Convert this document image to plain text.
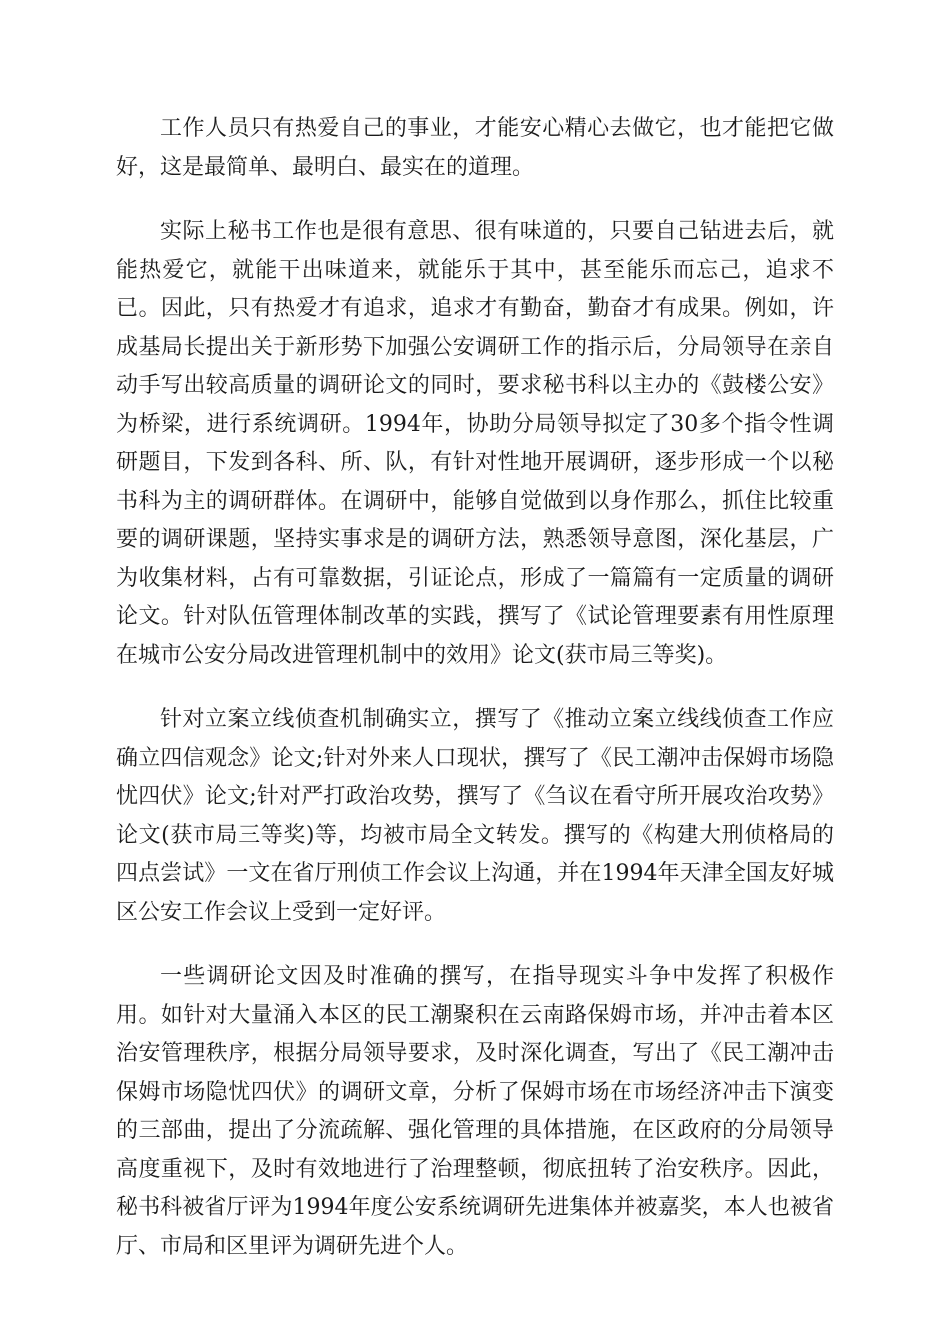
工作人员只有热爱自己的事业，才能安心精心去做它，也才能把它做好，这是最简单、最明白、最实在的道理。

实际上秘书工作也是很有意思、很有味道的，只要自己钻进去后，就能热爱它，就能干出味道来，就能乐于其中，甚至能乐而忘己，追求不已。因此，只有热爱才有追求，追求才有勤奋，勤奋才有成果。例如，许成基局长提出关于新形势下加强公安调研工作的指示后，分局领导在亲自动手写出较高质量的调研论文的同时，要求秘书科以主办的《鼓楼公安》为桥梁，进行系统调研。1994年，协助分局领导拟定了30多个指令性调研题目，下发到各科、所、队，有针对性地开展调研，逐步形成一个以秘书科为主的调研群体。在调研中，能够自觉做到以身作那么，抓住比较重要的调研课题，坚持实事求是的调研方法，熟悉领导意图，深化基层，广为收集材料，占有可靠数据，引证论点，形成了一篇篇有一定质量的调研论文。针对队伍管理体制改革的实践，撰写了《试论管理要素有用性原理在城市公安分局改进管理机制中的效用》论文(获市局三等奖)。

针对立案立线侦查机制确实立，撰写了《推动立案立线线侦查工作应确立四信观念》论文;针对外来人口现状，撰写了《民工潮冲击保姆市场隐忧四伏》论文;针对严打政治攻势，撰写了《刍议在看守所开展攻治攻势》论文(获市局三等奖)等，均被市局全文转发。撰写的《构建大刑侦格局的四点尝试》一文在省厅刑侦工作会议上沟通，并在1994年天津全国友好城区公安工作会议上受到一定好评。

一些调研论文因及时准确的撰写，在指导现实斗争中发挥了积极作用。如针对大量涌入本区的民工潮聚积在云南路保姆市场，并冲击着本区治安管理秩序，根据分局领导要求，及时深化调查，写出了《民工潮冲击保姆市场隐忧四伏》的调研文章，分析了保姆市场在市场经济冲击下演变的三部曲，提出了分流疏解、强化管理的具体措施，在区政府的分局领导高度重视下，及时有效地进行了治理整顿，彻底扭转了治安秩序。因此，秘书科被省厅评为1994年度公安系统调研先进集体并被嘉奖，本人也被省厅、市局和区里评为调研先进个人。
